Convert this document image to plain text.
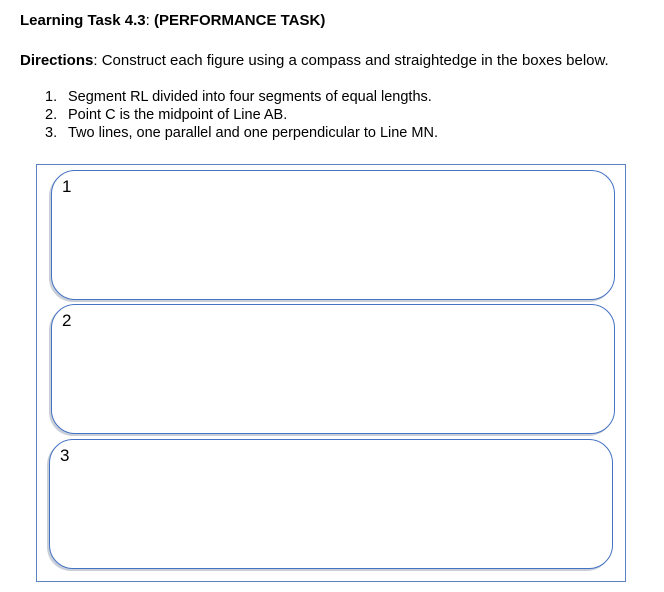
Learning Task 4.3: (PERFORMANCE TASK)
Directions: Construct each figure using a compass and straightedge in the boxes below.
1. Segment RL divided into four segments of equal lengths.
2. Point C is the midpoint of Line AB.
3. Two lines, one parallel and one perpendicular to Line MN.
1
2
3
